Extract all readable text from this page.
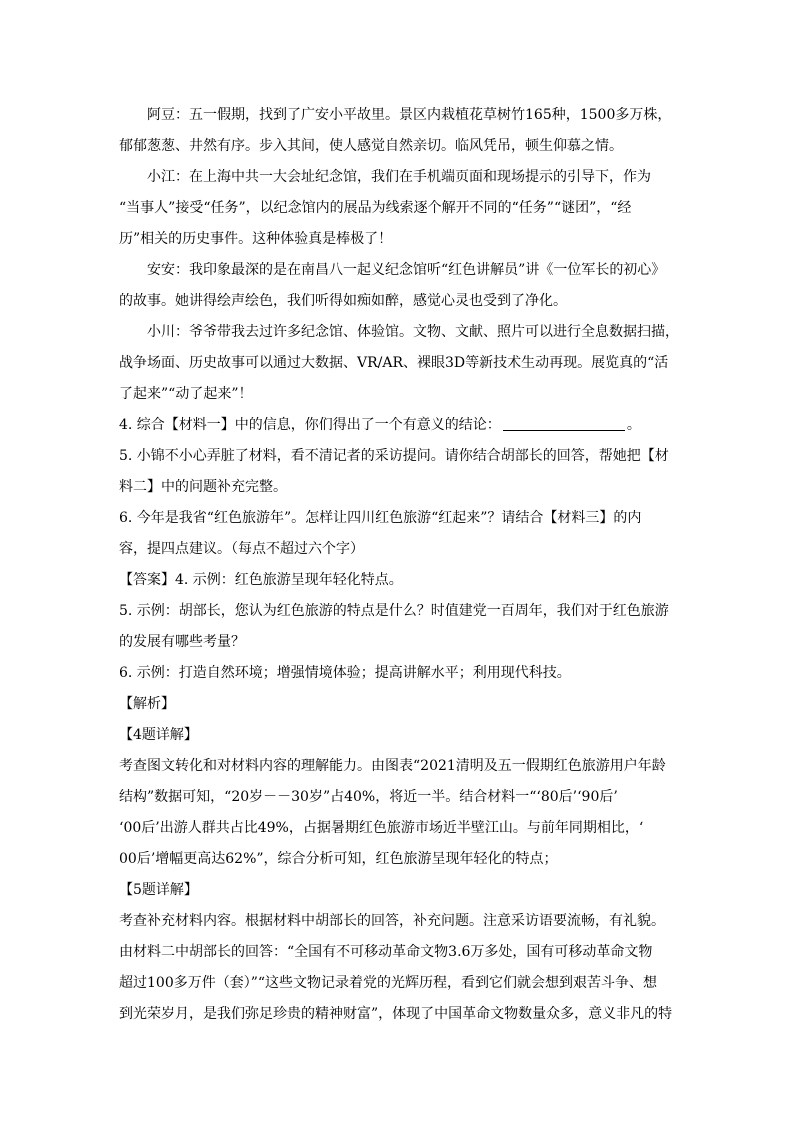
阿豆：五一假期，找到了广安小平故里。景区内栽植花草树竹165种，1500多万株，
郁郁葱葱、井然有序。步入其间，使人感觉自然亲切。临风凭吊，顿生仰慕之情。
小江：在上海中共一大会址纪念馆，我们在手机端页面和现场提示的引导下，作为
“当事人”接受“任务”，以纪念馆内的展品为线索逐个解开不同的“任务”“谜团”，“经
历”相关的历史事件。这种体验真是棒极了！
安安：我印象最深的是在南昌八一起义纪念馆听“红色讲解员”讲《一位军长的初心》
的故事。她讲得绘声绘色，我们听得如痴如醉，感觉心灵也受到了净化。
小川：爷爷带我去过许多纪念馆、体验馆。文物、文献、照片可以进行全息数据扫描，
战争场面、历史故事可以通过大数据、VR/AR、裸眼3D等新技术生动再现。展览真的“活
了起来”“动了起来”！
4. 综合【材料一】中的信息，你们得出了一个有意义的结论：	。
5. 小锦不小心弄脏了材料，看不清记者的采访提问。请你结合胡部长的回答，帮她把【材
料二】中的问题补充完整。
6. 今年是我省“红色旅游年”。怎样让四川红色旅游“红起来”？请结合【材料三】的内
容，提四点建议。（每点不超过六个字）
【答案】4. 示例：红色旅游呈现年轻化特点。
5. 示例：胡部长，您认为红色旅游的特点是什么？时值建党一百周年，我们对于红色旅游
的发展有哪些考量？
6. 示例：打造自然环境；增强情境体验；提高讲解水平；利用现代科技。
【解析】
【4题详解】
考查图文转化和对材料内容的理解能力。由图表“2021清明及五一假期红色旅游用户年龄
结构”数据可知，“20岁－－30岁”占40%，将近一半。结合材料一“‘80后’‘90后’
‘00后’出游人群共占比49%，占据暑期红色旅游市场近半壁江山。与前年同期相比，‘
00后’增幅更高达62%”，综合分析可知，红色旅游呈现年轻化的特点；
【5题详解】
考查补充材料内容。根据材料中胡部长的回答，补充问题。注意采访语要流畅，有礼貌。
由材料二中胡部长的回答：“全国有不可移动革命文物3.6万多处，国有可移动革命文物
超过100多万件（套）”“这些文物记录着党的光辉历程，看到它们就会想到艰苦斗争、想
到光荣岁月，是我们弥足珍贵的精神财富”，体现了中国革命文物数量众多，意义非凡的特
